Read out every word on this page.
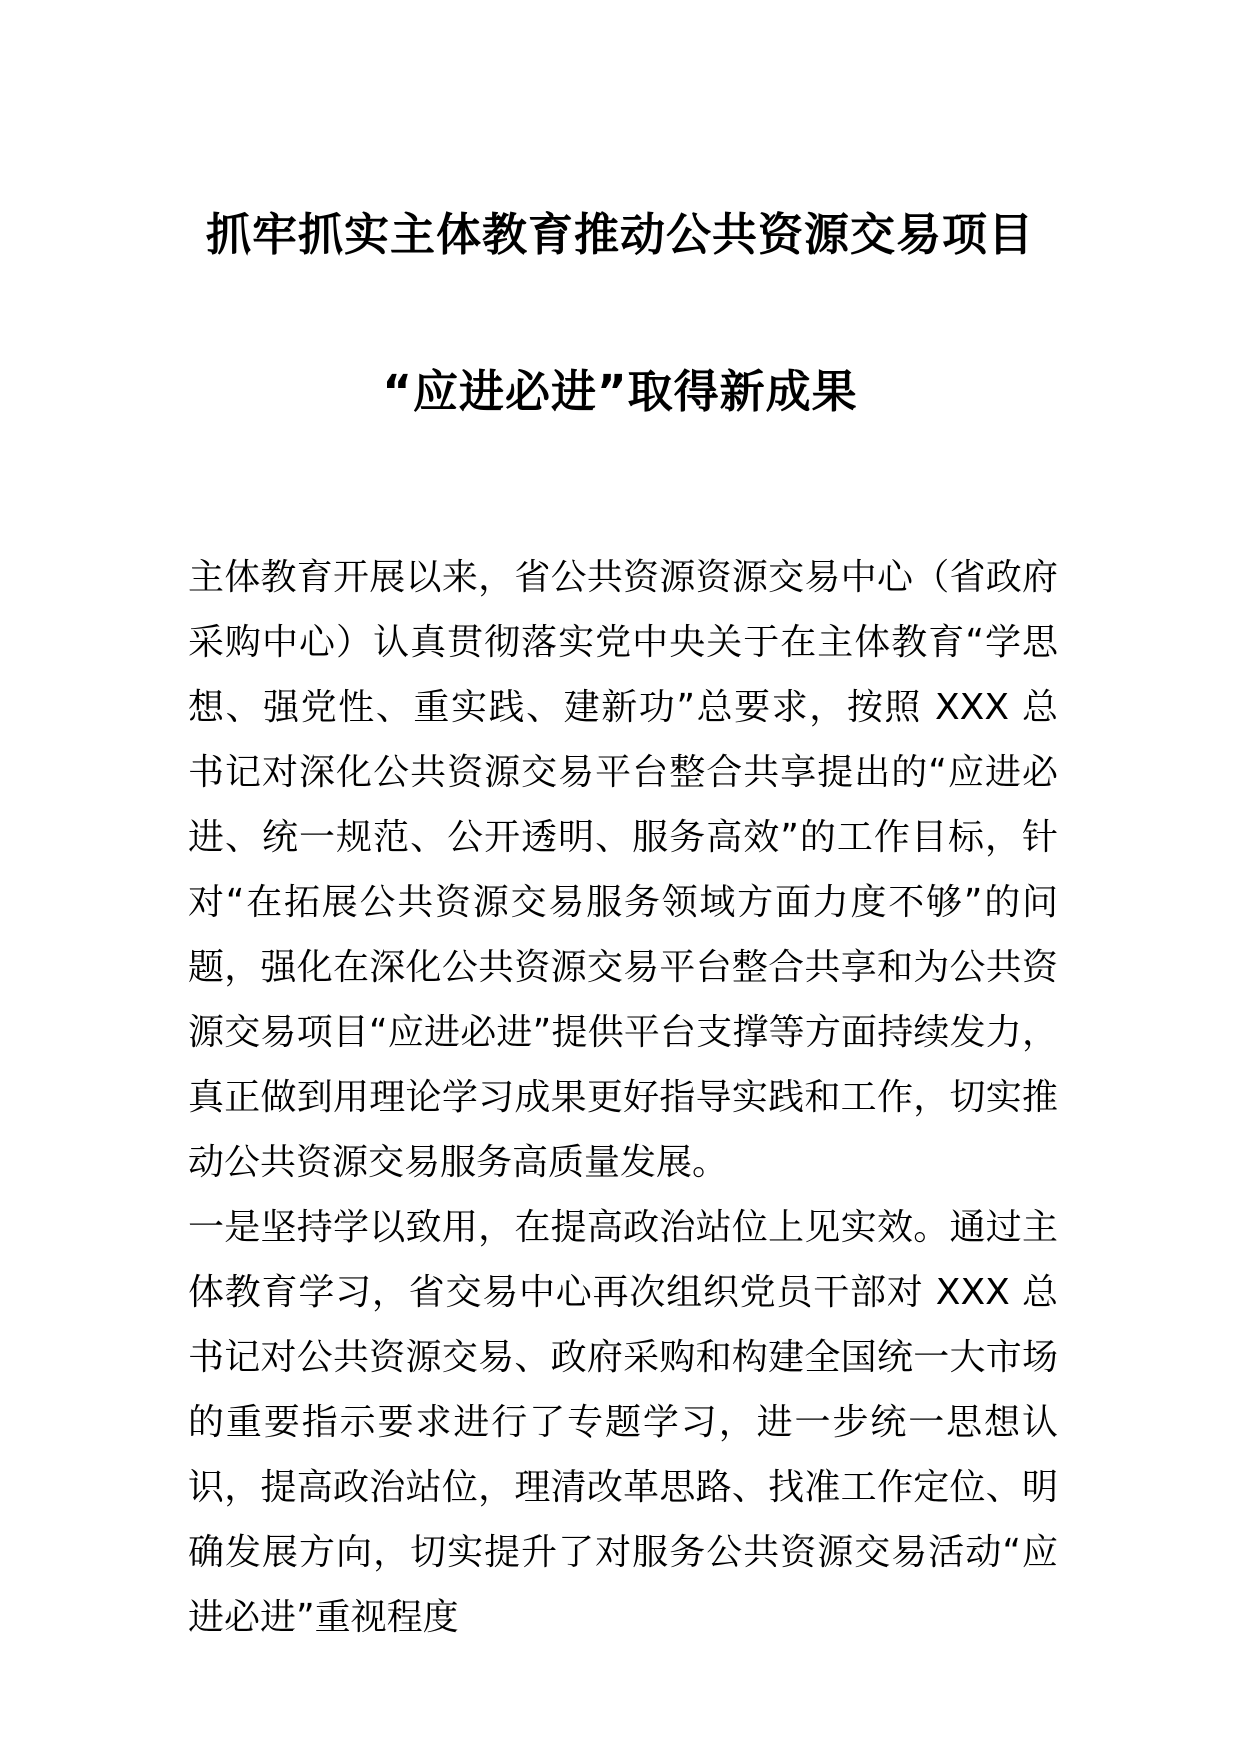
抓牢抓实主体教育推动公共资源交易项目
“应进必进”取得新成果

主体教育开展以来，省公共资源资源交易中心（省政府采购中心）认真贯彻落实党中央关于在主体教育“学思想、强党性、重实践、建新功”总要求，按照 XXX 总书记对深化公共资源交易平台整合共享提出的“应进必进、统一规范、公开透明、服务高效”的工作目标，针对“在拓展公共资源交易服务领域方面力度不够”的问题，强化在深化公共资源交易平台整合共享和为公共资源交易项目“应进必进”提供平台支撑等方面持续发力，真正做到用理论学习成果更好指导实践和工作，切实推动公共资源交易服务高质量发展。

一是坚持学以致用，在提高政治站位上见实效。通过主体教育学习，省交易中心再次组织党员干部对 XXX 总书记对公共资源交易、政府采购和构建全国统一大市场的重要指示要求进行了专题学习，进一步统一思想认识，提高政治站位，理清改革思路、找准工作定位、明确发展方向，切实提升了对服务公共资源交易活动“应进必进”重视程度
